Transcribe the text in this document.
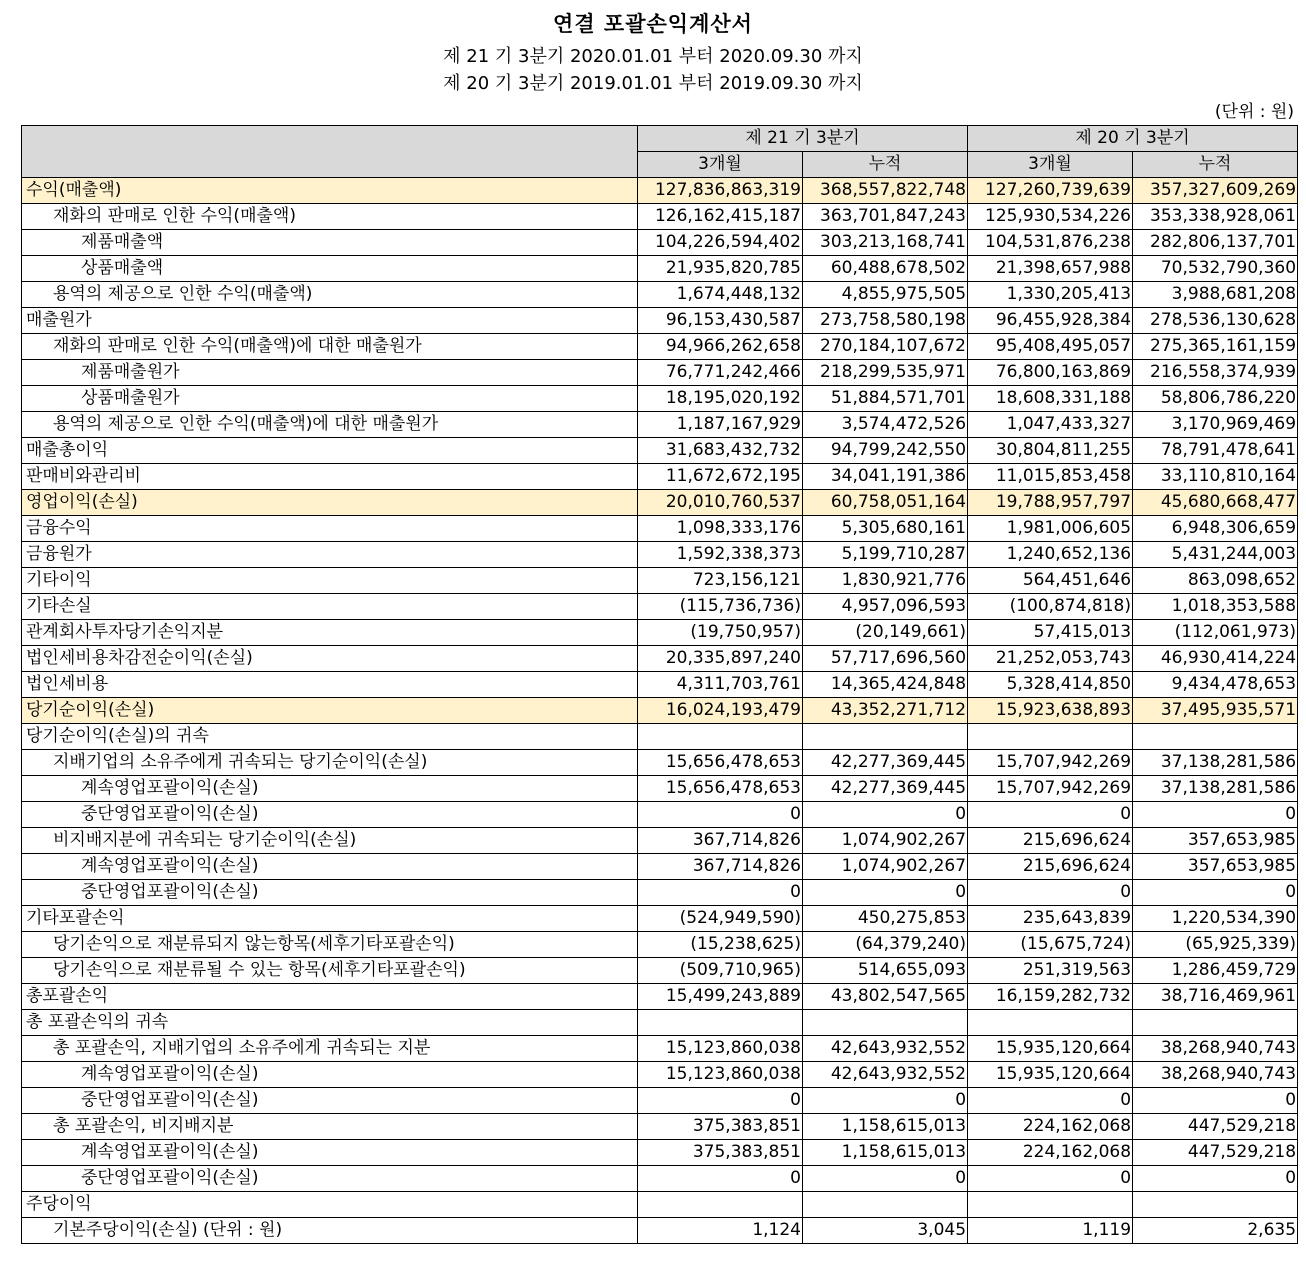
연결 포괄손익계산서
제 21 기 3분기 2020.01.01 부터 2020.09.30 까지
제 20 기 3분기 2019.01.01 부터 2019.09.30 까지
(단위 : 원)
	제 21 기 3분기		제 20 기 3분기	
	3개월	누적	3개월	누적
수익(매출액)	127,836,863,319	368,557,822,748	127,260,739,639	357,327,609,269
재화의 판매로 인한 수익(매출액)	126,162,415,187	363,701,847,243	125,930,534,226	353,338,928,061
제품매출액	104,226,594,402	303,213,168,741	104,531,876,238	282,806,137,701
상품매출액	21,935,820,785	60,488,678,502	21,398,657,988	70,532,790,360
용역의 제공으로 인한 수익(매출액)	1,674,448,132	4,855,975,505	1,330,205,413	3,988,681,208
매출원가	96,153,430,587	273,758,580,198	96,455,928,384	278,536,130,628
재화의 판매로 인한 수익(매출액)에 대한 매출원가	94,966,262,658	270,184,107,672	95,408,495,057	275,365,161,159
제품매출원가	76,771,242,466	218,299,535,971	76,800,163,869	216,558,374,939
상품매출원가	18,195,020,192	51,884,571,701	18,608,331,188	58,806,786,220
용역의 제공으로 인한 수익(매출액)에 대한 매출원가	1,187,167,929	3,574,472,526	1,047,433,327	3,170,969,469
매출총이익	31,683,432,732	94,799,242,550	30,804,811,255	78,791,478,641
판매비와관리비	11,672,672,195	34,041,191,386	11,015,853,458	33,110,810,164
영업이익(손실)	20,010,760,537	60,758,051,164	19,788,957,797	45,680,668,477
금융수익	1,098,333,176	5,305,680,161	1,981,006,605	6,948,306,659
금융원가	1,592,338,373	5,199,710,287	1,240,652,136	5,431,244,003
기타이익	723,156,121	1,830,921,776	564,451,646	863,098,652
기타손실	(115,736,736)	4,957,096,593	(100,874,818)	1,018,353,588
관계회사투자당기손익지분	(19,750,957)	(20,149,661)	57,415,013	(112,061,973)
법인세비용차감전순이익(손실)	20,335,897,240	57,717,696,560	21,252,053,743	46,930,414,224
법인세비용	4,311,703,761	14,365,424,848	5,328,414,850	9,434,478,653
당기순이익(손실)	16,024,193,479	43,352,271,712	15,923,638,893	37,495,935,571
당기순이익(손실)의 귀속				
지배기업의 소유주에게 귀속되는 당기순이익(손실)	15,656,478,653	42,277,369,445	15,707,942,269	37,138,281,586
계속영업포괄이익(손실)	15,656,478,653	42,277,369,445	15,707,942,269	37,138,281,586
중단영업포괄이익(손실)	0	0	0	0
비지배지분에 귀속되는 당기순이익(손실)	367,714,826	1,074,902,267	215,696,624	357,653,985
계속영업포괄이익(손실)	367,714,826	1,074,902,267	215,696,624	357,653,985
중단영업포괄이익(손실)	0	0	0	0
기타포괄손익	(524,949,590)	450,275,853	235,643,839	1,220,534,390
당기손익으로 재분류되지 않는항목(세후기타포괄손익)	(15,238,625)	(64,379,240)	(15,675,724)	(65,925,339)
당기손익으로 재분류될 수 있는 항목(세후기타포괄손익)	(509,710,965)	514,655,093	251,319,563	1,286,459,729
총포괄손익	15,499,243,889	43,802,547,565	16,159,282,732	38,716,469,961
총 포괄손익의 귀속				
총 포괄손익, 지배기업의 소유주에게 귀속되는 지분	15,123,860,038	42,643,932,552	15,935,120,664	38,268,940,743
계속영업포괄이익(손실)	15,123,860,038	42,643,932,552	15,935,120,664	38,268,940,743
중단영업포괄이익(손실)	0	0	0	0
총 포괄손익, 비지배지분	375,383,851	1,158,615,013	224,162,068	447,529,218
계속영업포괄이익(손실)	375,383,851	1,158,615,013	224,162,068	447,529,218
중단영업포괄이익(손실)	0	0	0	0
주당이익				
기본주당이익(손실) (단위 : 원)	1,124	3,045	1,119	2,635
